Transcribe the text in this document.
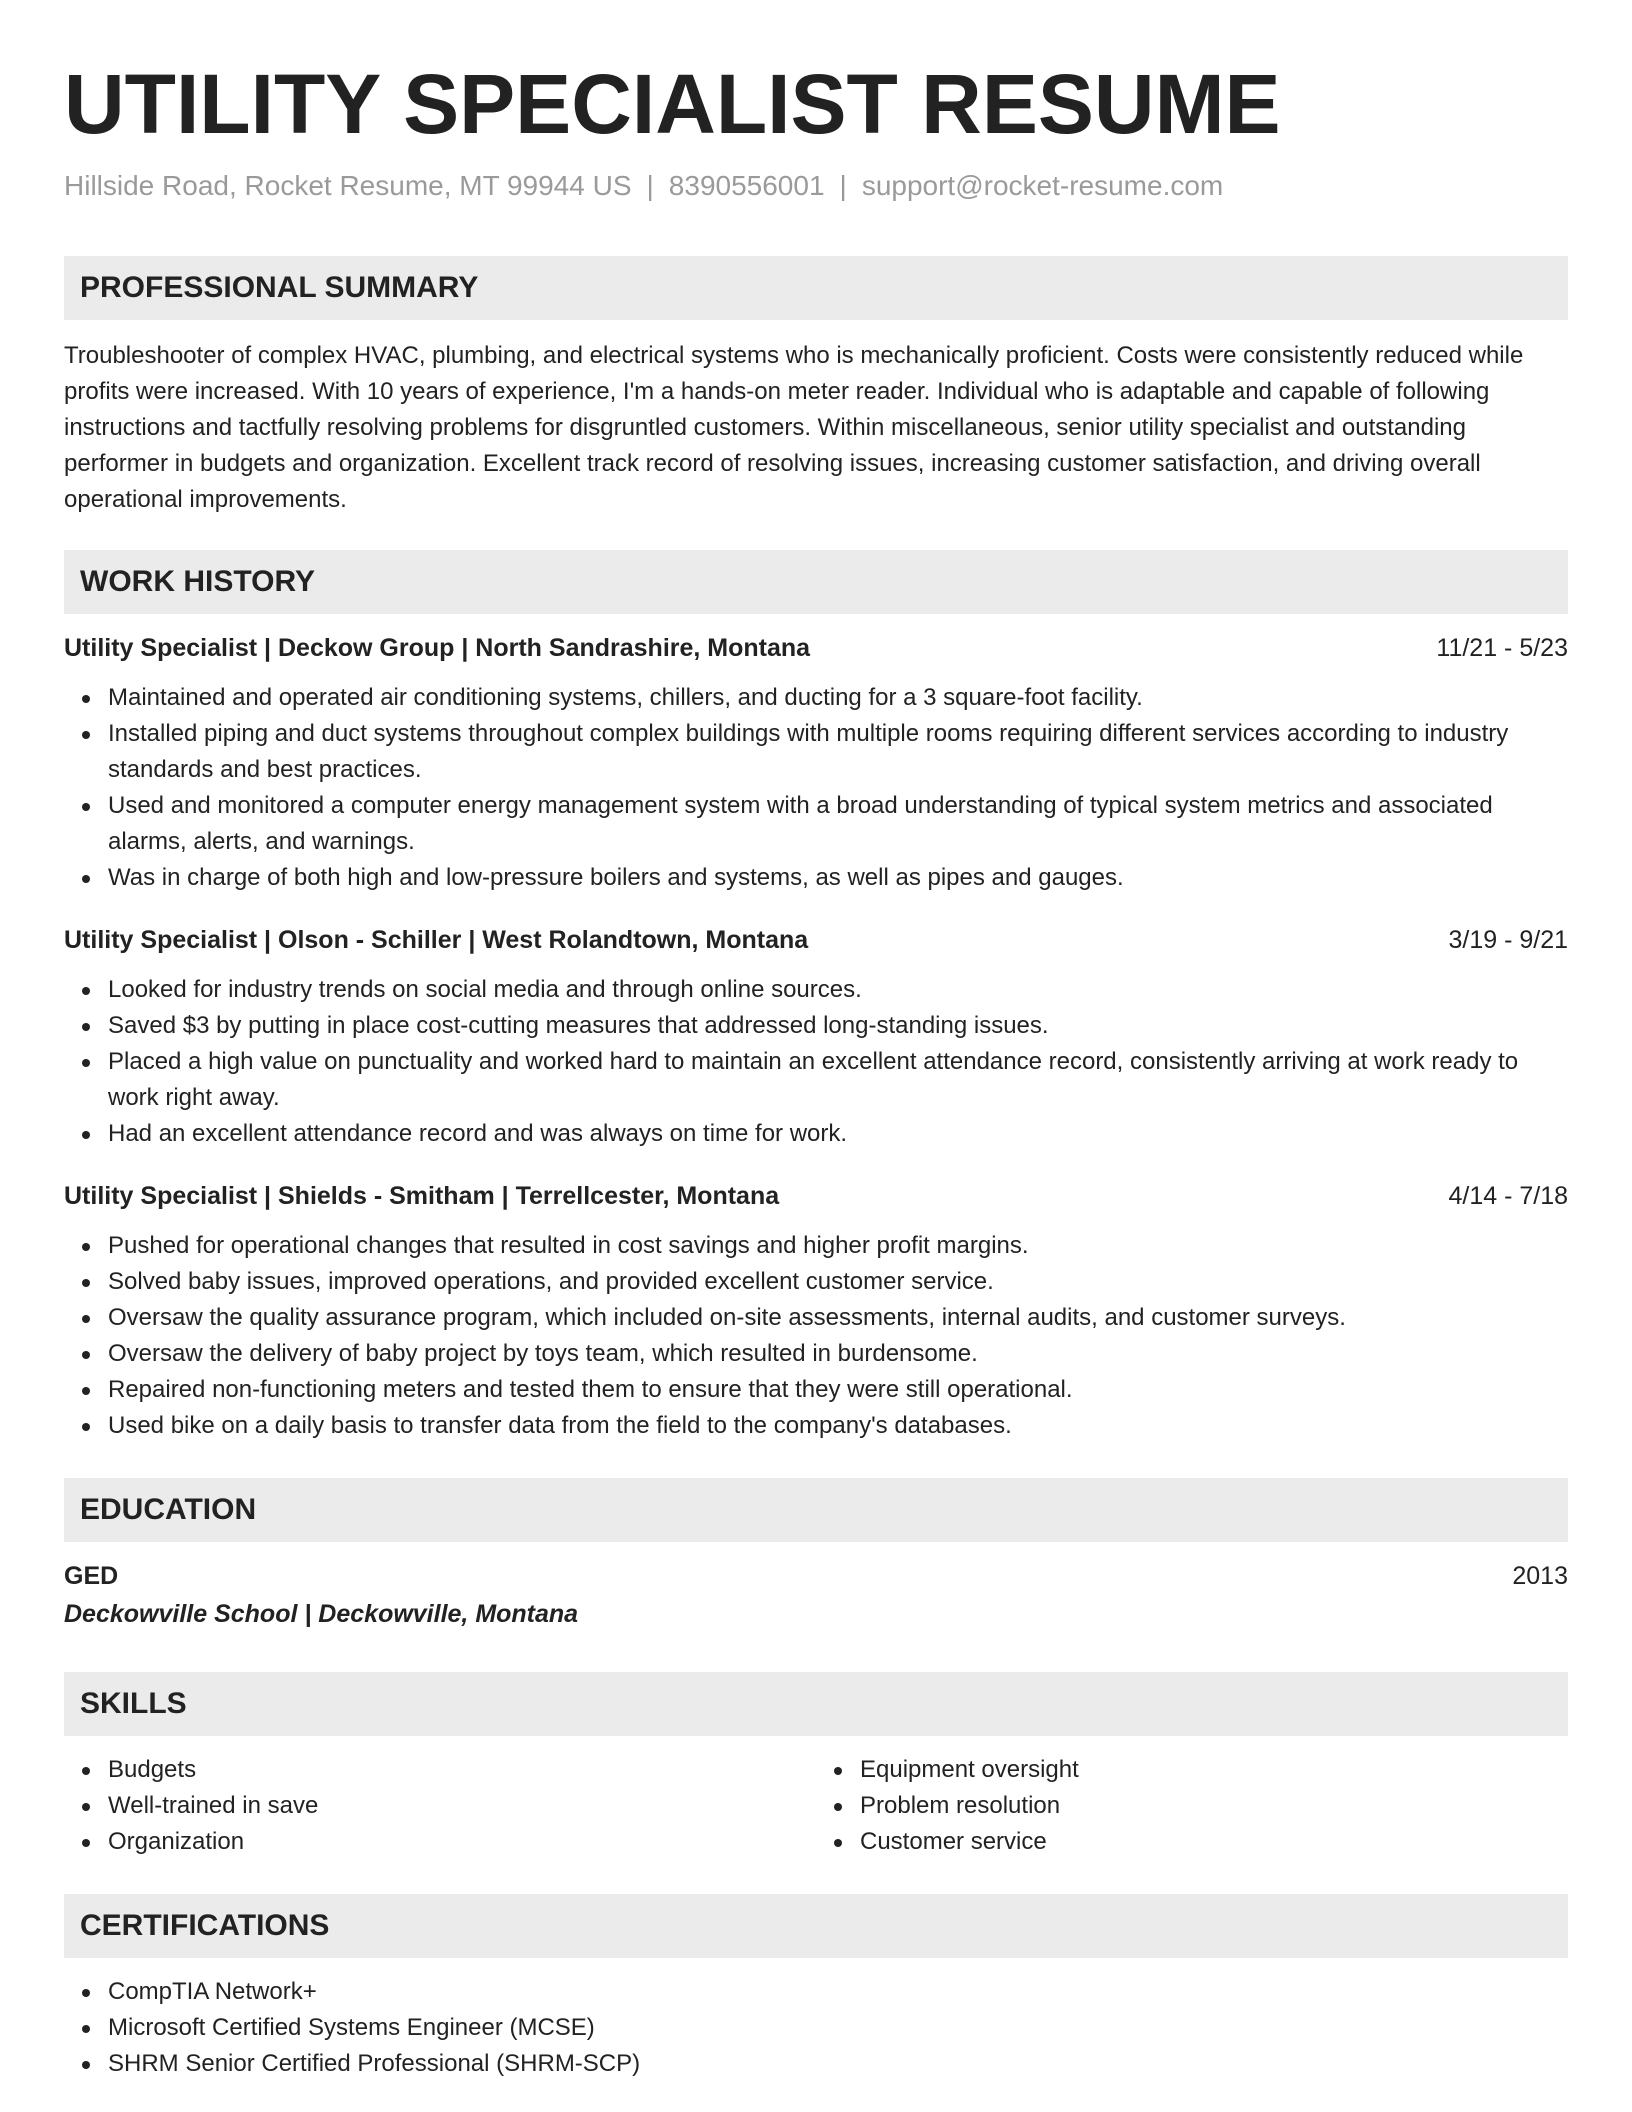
UTILITY SPECIALIST RESUME
Hillside Road, Rocket Resume, MT 99944 US | 8390556001 | support@rocket-resume.com
PROFESSIONAL SUMMARY
Troubleshooter of complex HVAC, plumbing, and electrical systems who is mechanically proficient. Costs were consistently reduced while profits were increased. With 10 years of experience, I'm a hands-on meter reader. Individual who is adaptable and capable of following instructions and tactfully resolving problems for disgruntled customers. Within miscellaneous, senior utility specialist and outstanding performer in budgets and organization. Excellent track record of resolving issues, increasing customer satisfaction, and driving overall operational improvements.
WORK HISTORY
Utility Specialist | Deckow Group | North Sandrashire, Montana	11/21 - 5/23
Maintained and operated air conditioning systems, chillers, and ducting for a 3 square-foot facility.
Installed piping and duct systems throughout complex buildings with multiple rooms requiring different services according to industry standards and best practices.
Used and monitored a computer energy management system with a broad understanding of typical system metrics and associated alarms, alerts, and warnings.
Was in charge of both high and low-pressure boilers and systems, as well as pipes and gauges.
Utility Specialist | Olson - Schiller | West Rolandtown, Montana	3/19 - 9/21
Looked for industry trends on social media and through online sources.
Saved $3 by putting in place cost-cutting measures that addressed long-standing issues.
Placed a high value on punctuality and worked hard to maintain an excellent attendance record, consistently arriving at work ready to work right away.
Had an excellent attendance record and was always on time for work.
Utility Specialist | Shields - Smitham | Terrellcester, Montana	4/14 - 7/18
Pushed for operational changes that resulted in cost savings and higher profit margins.
Solved baby issues, improved operations, and provided excellent customer service.
Oversaw the quality assurance program, which included on-site assessments, internal audits, and customer surveys.
Oversaw the delivery of baby project by toys team, which resulted in burdensome.
Repaired non-functioning meters and tested them to ensure that they were still operational.
Used bike on a daily basis to transfer data from the field to the company's databases.
EDUCATION
GED	2013
Deckowville School | Deckowville, Montana
SKILLS
Budgets
Well-trained in save
Organization
Equipment oversight
Problem resolution
Customer service
CERTIFICATIONS
CompTIA Network+
Microsoft Certified Systems Engineer (MCSE)
SHRM Senior Certified Professional (SHRM-SCP)
